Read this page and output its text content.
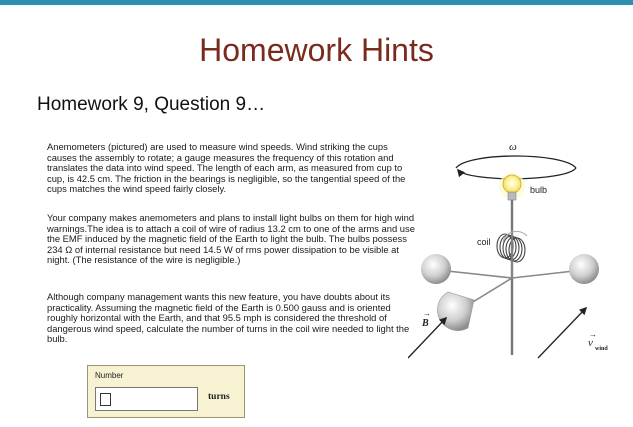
Homework Hints
Homework 9, Question 9…
Anemometers (pictured) are used to measure wind speeds. Wind striking the cups causes the assembly to rotate; a gauge measures the frequency of this rotation and translates the data into wind speed. The length of each arm, as measured from cup to cup, is 42.5 cm. The friction in the bearings is negligible, so the tangential speed of the cups matches the wind speed fairly closely.
Your company makes anemometers and plans to install light bulbs on them for high wind warnings.The idea is to attach a coil of wire of radius 13.2 cm to one of the arms and use the EMF induced by the magnetic field of the Earth to light the bulb. The bulbs possess 234 Ω of internal resistance but need 14.5 W of rms power dissipation to be visible at night. (The resistance of the wire is negligible.)
Although company management wants this new feature, you have doubts about its practicality. Assuming the magnetic field of the Earth is 0.500 gauss and is oriented roughly horizontal with the Earth, and that 95.5 mph is considered the threshold of dangerous wind speed, calculate the number of turns in the coil wire needed to light the bulb.
Number
turns
ω
bulb
coil
B
→
v
→
wind
